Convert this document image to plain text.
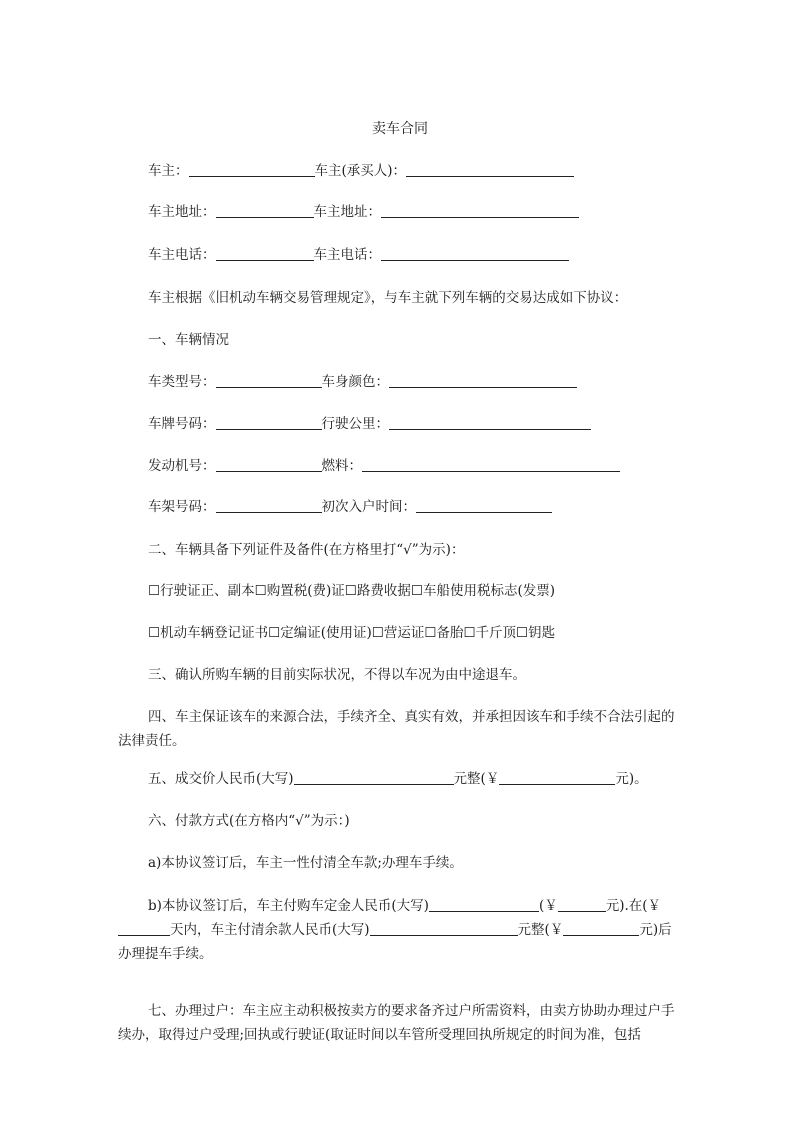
卖车合同
车主：	车主(承买人)：
车主地址：	车主地址：
车主电话：	车主电话：
车主根据《旧机动车辆交易管理规定》，与车主就下列车辆的交易达成如下协议：
一、车辆情况
车类型号：	车身颜色：
车牌号码：	行驶公里：
发动机号：	燃料：
车架号码：	初次入户时间：
二、车辆具备下列证件及备件(在方格里打“√”为示)：
☐行驶证正、副本☐购置税(费)证☐路费收据☐车船使用税标志(发票)
☐机动车辆登记证书☐定编证(使用证)☐营运证☐备胎☐千斤顶☐钥匙
三、确认所购车辆的目前实际状况，不得以车况为由中途退车。
四、车主保证该车的来源合法，手续齐全、真实有效，并承担因该车和手续不合法引起的法律责任。
五、成交价人民币(大写)	元整(￥	元)。
六、付款方式(在方格内“√”为示：)
a)本协议签订后，车主一性付清全车款;办理车手续。
b)本协议签订后，车主付购车定金人民币(大写)	(￥	元).在(￥天内，车主付清余款人民币(大写)	元整(￥	元)后办理提车手续。
七、办理过户：车主应主动积极按卖方的要求备齐过户所需资料，由卖方协助办理过户手续办，取得过户受理;回执或行驶证(取证时间以车管所受理回执所规定的时间为准，包括
